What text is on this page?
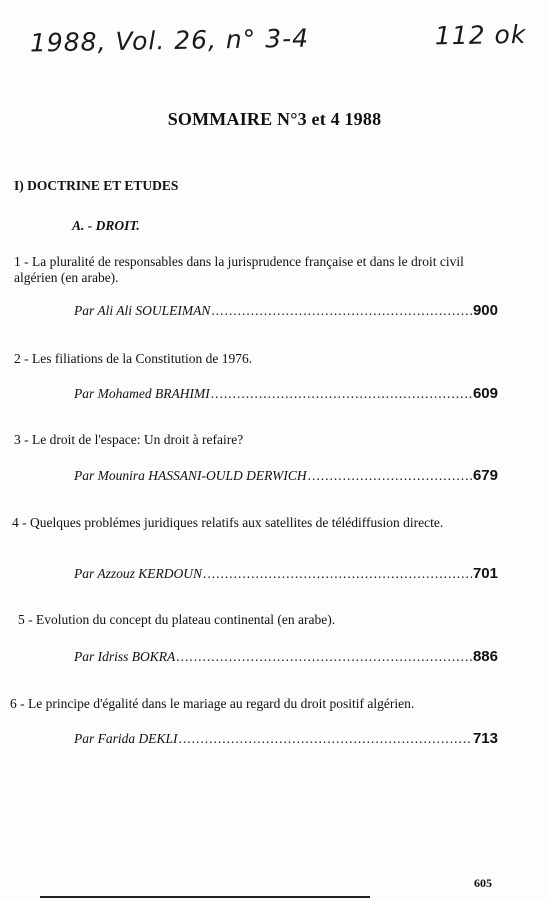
1988, Vol. 26, n° 3-4	112 ok
SOMMAIRE N°3 et 4 1988
I) DOCTRINE ET ETUDES
A. - DROIT.
1 - La pluralité de responsables dans la jurisprudence française et dans le droit civil algérien (en arabe).
Par Ali Ali SOULEIMAN .....	900
2 - Les filiations de la Constitution de 1976.
Par Mohamed BRAHIMI .....	609
3 - Le droit de l'espace: Un droit à refaire?
Par Mounira HASSANI-OULD DERWICH .....	679
4 - Quelques problémes juridiques relatifs aux satellites de télédiffusion directe.
Par Azzouz KERDOUN .....	701
5 - Evolution du concept du plateau continental (en arabe).
Par Idriss BOKRA .....	886
6 - Le principe d'égalité dans le mariage au regard du droit positif algérien.
Par Farida DEKLI .....	713
605
